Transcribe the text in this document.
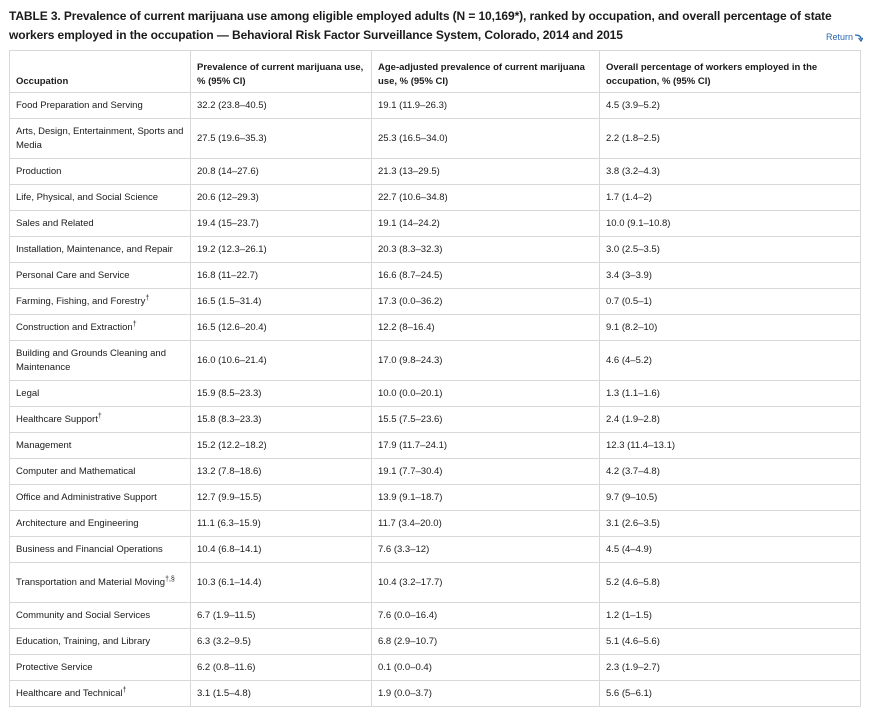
TABLE 3. Prevalence of current marijuana use among eligible employed adults (N = 10,169*), ranked by occupation, and overall percentage of state workers employed in the occupation — Behavioral Risk Factor Surveillance System, Colorado, 2014 and 2015	Return
Occupation	Prevalence of current marijuana use, % (95% CI)	Age-adjusted prevalence of current marijuana use, % (95% CI)	Overall percentage of workers employed in the occupation, % (95% CI)
Food Preparation and Serving	32.2 (23.8–40.5)	19.1 (11.9–26.3)	4.5 (3.9–5.2)
Arts, Design, Entertainment, Sports and Media	27.5 (19.6–35.3)	25.3 (16.5–34.0)	2.2 (1.8–2.5)
Production	20.8 (14–27.6)	21.3 (13–29.5)	3.8 (3.2–4.3)
Life, Physical, and Social Science	20.6 (12–29.3)	22.7 (10.6–34.8)	1.7 (1.4–2)
Sales and Related	19.4 (15–23.7)	19.1 (14–24.2)	10.0 (9.1–10.8)
Installation, Maintenance, and Repair	19.2 (12.3–26.1)	20.3 (8.3–32.3)	3.0 (2.5–3.5)
Personal Care and Service	16.8 (11–22.7)	16.6 (8.7–24.5)	3.4 (3–3.9)
Farming, Fishing, and Forestry†	16.5 (1.5–31.4)	17.3 (0.0–36.2)	0.7 (0.5–1)
Construction and Extraction†	16.5 (12.6–20.4)	12.2 (8–16.4)	9.1 (8.2–10)
Building and Grounds Cleaning and Maintenance	16.0 (10.6–21.4)	17.0 (9.8–24.3)	4.6 (4–5.2)
Legal	15.9 (8.5–23.3)	10.0 (0.0–20.1)	1.3 (1.1–1.6)
Healthcare Support†	15.8 (8.3–23.3)	15.5 (7.5–23.6)	2.4 (1.9–2.8)
Management	15.2 (12.2–18.2)	17.9 (11.7–24.1)	12.3 (11.4–13.1)
Computer and Mathematical	13.2 (7.8–18.6)	19.1 (7.7–30.4)	4.2 (3.7–4.8)
Office and Administrative Support	12.7 (9.9–15.5)	13.9 (9.1–18.7)	9.7 (9–10.5)
Architecture and Engineering	11.1 (6.3–15.9)	11.7 (3.4–20.0)	3.1 (2.6–3.5)
Business and Financial Operations	10.4 (6.8–14.1)	7.6 (3.3–12)	4.5 (4–4.9)
Transportation and Material Moving†,§	10.3 (6.1–14.4)	10.4 (3.2–17.7)	5.2 (4.6–5.8)
Community and Social Services	6.7 (1.9–11.5)	7.6 (0.0–16.4)	1.2 (1–1.5)
Education, Training, and Library	6.3 (3.2–9.5)	6.8 (2.9–10.7)	5.1 (4.6–5.6)
Protective Service	6.2 (0.8–11.6)	0.1 (0.0–0.4)	2.3 (1.9–2.7)
Healthcare and Technical†	3.1 (1.5–4.8)	1.9 (0.0–3.7)	5.6 (5–6.1)
